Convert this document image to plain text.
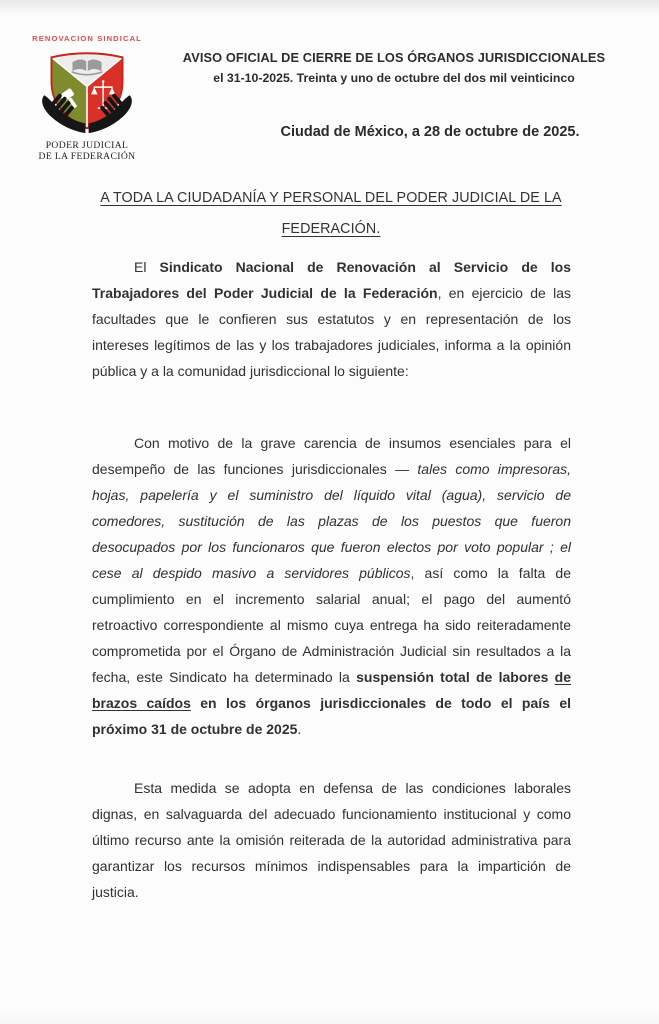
RENOVACION SINDICAL
PODER JUDICIAL
DE LA FEDERACIÓN
AVISO OFICIAL DE CIERRE DE LOS ÓRGANOS JURISDICCIONALES
el 31-10-2025. Treinta y uno de octubre del dos mil veinticinco
Ciudad de México, a 28 de octubre de 2025.
A TODA LA CIUDADANÍA Y PERSONAL DEL PODER JUDICIAL DE LA FEDERACIÓN.

El Sindicato Nacional de Renovación al Servicio de los Trabajadores del Poder Judicial de la Federación, en ejercicio de las facultades que le confieren sus estatutos y en representación de los intereses legítimos de las y los trabajadores judiciales, informa a la opinión pública y a la comunidad jurisdiccional lo siguiente:

Con motivo de la grave carencia de insumos esenciales para el desempeño de las funciones jurisdiccionales — tales como impresoras, hojas, papelería y el suministro del líquido vital (agua), servicio de comedores, sustitución de las plazas de los puestos que fueron desocupados por los funcionaros que fueron electos por voto popular ; el cese al despido masivo a servidores públicos, así como la falta de cumplimiento en el incremento salarial anual; el pago del aumentó retroactivo correspondiente al mismo cuya entrega ha sido reiteradamente comprometida por el Órgano de Administración Judicial sin resultados a la fecha, este Sindicato ha determinado la suspensión total de labores de brazos caídos en los órganos jurisdiccionales de todo el país el próximo 31 de octubre de 2025.

Esta medida se adopta en defensa de las condiciones laborales dignas, en salvaguarda del adecuado funcionamiento institucional y como último recurso ante la omisión reiterada de la autoridad administrativa para garantizar los recursos mínimos indispensables para la impartición de justicia.
